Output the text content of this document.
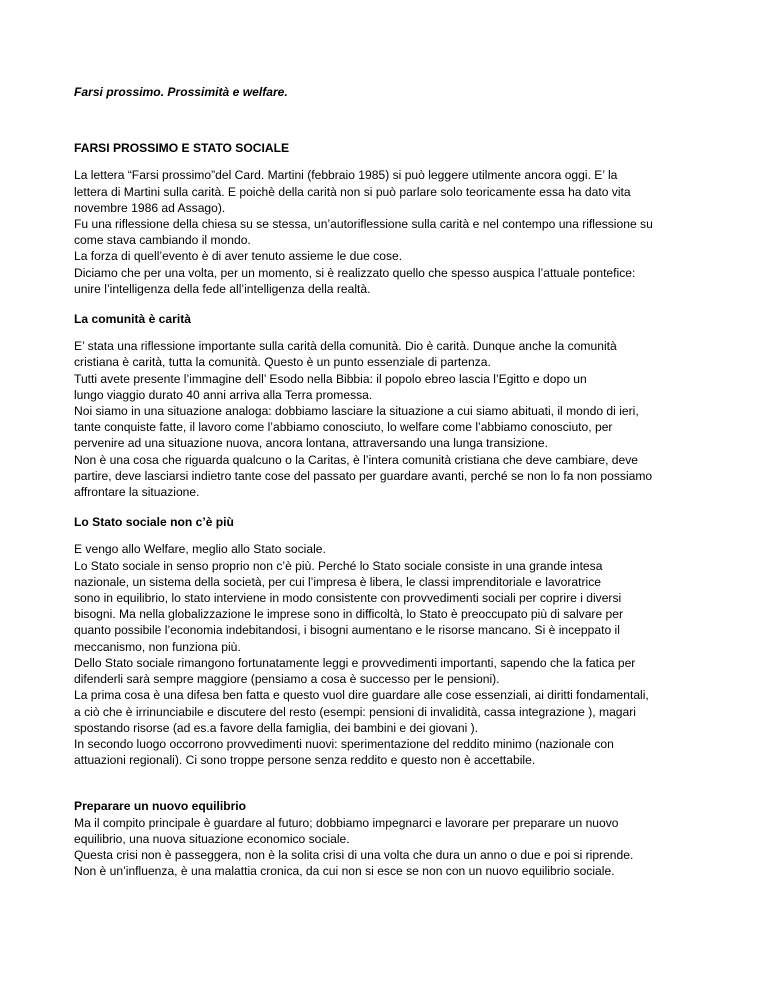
Farsi prossimo. Prossimità e welfare.

FARSI PROSSIMO E STATO SOCIALE

La lettera “Farsi prossimo”del Card. Martini (febbraio 1985) si può leggere utilmente ancora oggi. E’ la
lettera di Martini sulla carità. E poichè della carità non si può parlare solo teoricamente essa ha dato vita
novembre 1986 ad Assago).
Fu una riflessione della chiesa su se stessa, un’autoriflessione sulla carità e nel contempo una riflessione su
come stava cambiando il mondo.
La forza di quell’evento è di aver tenuto assieme le due cose.
Diciamo che per una volta, per un momento, si è realizzato quello che spesso auspica l’attuale pontefice:
unire l’intelligenza della fede all’intelligenza della realtà.

La comunità è carità

E’ stata una riflessione importante sulla carità della comunità. Dio è carità. Dunque anche la comunità
cristiana è carità, tutta la comunità. Questo è un punto essenziale di partenza.
Tutti avete presente l’immagine dell’ Esodo nella Bibbia: il popolo ebreo lascia l’Egitto e dopo un
lungo viaggio durato 40 anni arriva alla Terra promessa.
Noi siamo in una situazione analoga: dobbiamo lasciare la situazione a cui siamo abituati, il mondo di ieri,
tante conquiste fatte, il lavoro come l’abbiamo conosciuto, lo welfare come l’abbiamo conosciuto, per
pervenire ad una situazione nuova, ancora lontana, attraversando una lunga transizione.
Non è una cosa che riguarda qualcuno o la Caritas, è l’intera comunità cristiana che deve cambiare, deve
partire, deve lasciarsi indietro tante cose del passato per guardare avanti, perché se non lo fa non possiamo
affrontare la situazione.

Lo Stato sociale non c’è più

E vengo allo Welfare, meglio allo Stato sociale.
Lo Stato sociale in senso proprio non c’è più. Perché lo Stato sociale consiste in una grande intesa
nazionale, un sistema della società, per cui l’impresa è libera, le classi imprenditoriale e lavoratrice
sono in equilibrio, lo stato interviene in modo consistente con provvedimenti sociali per coprire i diversi
bisogni. Ma nella globalizzazione le imprese sono in difficoltà, lo Stato è preoccupato più di salvare per
quanto possibile l’economia indebitandosi, i bisogni aumentano e le risorse mancano. Si è inceppato il
meccanismo, non funziona più.
Dello Stato sociale rimangono fortunatamente leggi e provvedimenti importanti, sapendo che la fatica per
difenderli sarà sempre maggiore (pensiamo a cosa è successo per le pensioni).
La prima cosa è una difesa ben fatta e questo vuol dire guardare alle cose essenziali, ai diritti fondamentali,
a ciò che è irrinunciabile e discutere del resto (esempi: pensioni di invalidità, cassa integrazione ), magari
spostando risorse (ad es.a favore della famiglia, dei bambini e dei giovani ).
In secondo luogo occorrono provvedimenti nuovi: sperimentazione del reddito minimo (nazionale con
attuazioni regionali). Ci sono troppe persone senza reddito e questo non è accettabile.

Preparare un nuovo equilibrio

Ma il compito principale è guardare al futuro; dobbiamo impegnarci e lavorare per preparare un nuovo
equilibrio, una nuova situazione economico sociale.
Questa crisi non è passeggera, non è la solita crisi di una volta che dura un anno o due e poi si riprende.
Non è un’influenza, è una malattia cronica, da cui non si esce se non con un nuovo equilibrio sociale.
